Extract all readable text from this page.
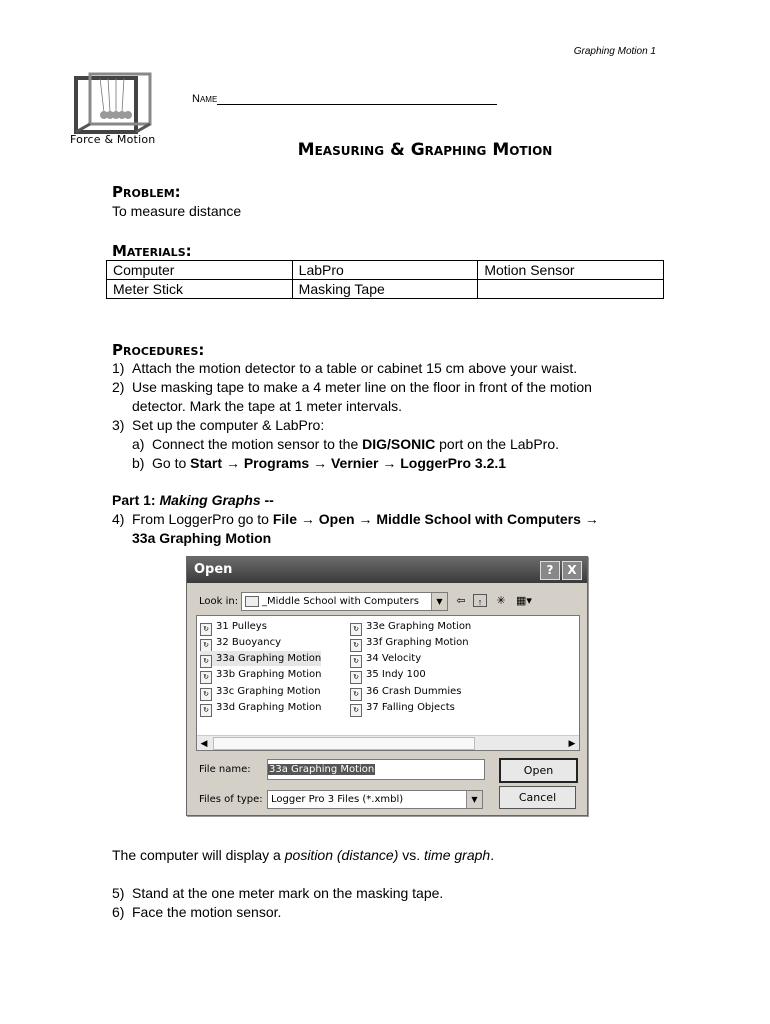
Graphing Motion 1
Force & Motion
Name
Measuring & Graphing Motion
Problem:
To measure distance
Materials:
Computer	LabPro	Motion Sensor
Meter Stick	Masking Tape	
Procedures:
1) Attach the motion detector to a table or cabinet 15 cm above your waist.
2) Use masking tape to make a 4 meter line on the floor in front of the motion
detector. Mark the tape at 1 meter intervals.
3) Set up the computer & LabPro:
a) Connect the motion sensor to the DIG/SONIC port on the LabPro.
b) Go to Start → Programs → Vernier → LoggerPro 3.2.1
Part 1: Making Graphs --
4) From LoggerPro go to File → Open → Middle School with Computers →
33a Graphing Motion
Open	?	X
Look in:	_Middle School with Computers	▼	⇦	↑	✳ ▦▾
↻ 31 Pulleys
↻ 32 Buoyancy
↻ 33a Graphing Motion
↻ 33b Graphing Motion
↻ 33c Graphing Motion
↻ 33d Graphing Motion
↻ 33e Graphing Motion
↻ 33f Graphing Motion
↻ 34 Velocity
↻ 35 Indy 100
↻ 36 Crash Dummies
↻ 37 Falling Objects
◀	▶
File name: 33a Graphing Motion	Open
Files of type: Logger Pro 3 Files (*.xmbl)	▼	Cancel
The computer will display a position (distance) vs. time graph.
5) Stand at the one meter mark on the masking tape.
6) Face the motion sensor.
